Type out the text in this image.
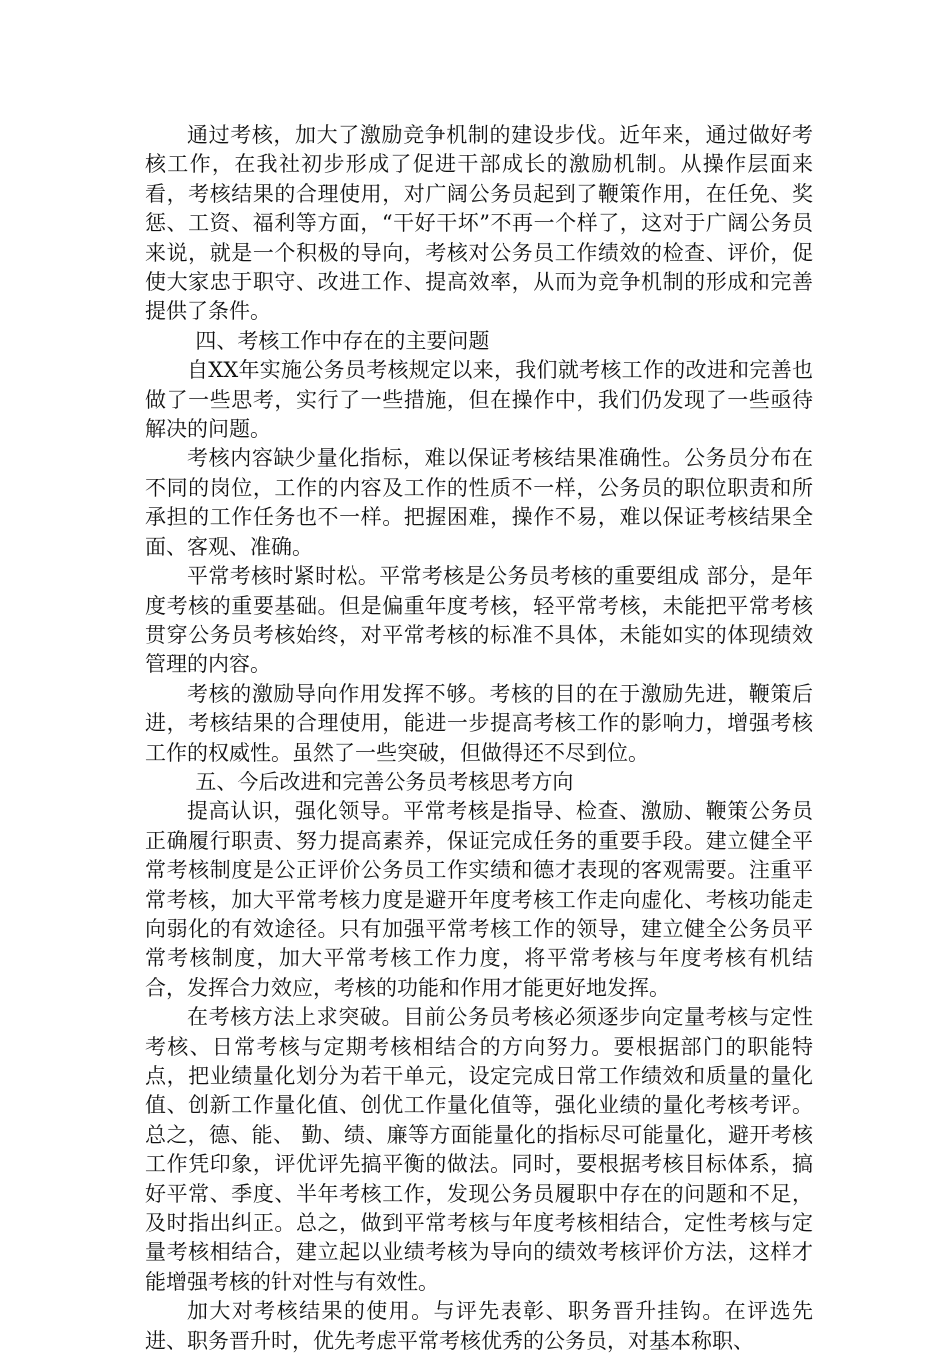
通过考核，加大了激励竞争机制的建设步伐。近年来，通过做好考核工作，在我社初步形成了促进干部成长的激励机制。从操作层面来看，考核结果的合理使用，对广阔公务员起到了鞭策作用，在任免、奖惩、工资、福利等方面，“干好干坏”不再一个样了，这对于广阔公务员来说，就是一个积极的导向，考核对公务员工作绩效的检查、评价，促使大家忠于职守、改进工作、提高效率，从而为竞争机制的形成和完善提供了条件。

四、考核工作中存在的主要问题

自XX年实施公务员考核规定以来，我们就考核工作的改进和完善也做了一些思考，实行了一些措施，但在操作中，我们仍发现了一些亟待解决的问题。

考核内容缺少量化指标，难以保证考核结果准确性。公务员分布在不同的岗位，工作的内容及工作的性质不一样，公务员的职位职责和所承担的工作任务也不一样。把握困难，操作不易，难以保证考核结果全面、客观、准确。

平常考核时紧时松。平常考核是公务员考核的重要组成 部分，是年度考核的重要基础。但是偏重年度考核，轻平常考核，未能把平常考核贯穿公务员考核始终，对平常考核的标准不具体，未能如实的体现绩效管理的内容。

考核的激励导向作用发挥不够。考核的目的在于激励先进，鞭策后进，考核结果的合理使用，能进一步提高考核工作的影响力，增强考核工作的权威性。虽然了一些突破，但做得还不尽到位。

五、今后改进和完善公务员考核思考方向

提高认识，强化领导。平常考核是指导、检查、激励、鞭策公务员正确履行职责、努力提高素养，保证完成任务的重要手段。建立健全平常考核制度是公正评价公务员工作实绩和德才表现的客观需要。注重平常考核，加大平常考核力度是避开年度考核工作走向虚化、考核功能走向弱化的有效途径。只有加强平常考核工作的领导，建立健全公务员平常考核制度，加大平常考核工作力度，将平常考核与年度考核有机结合，发挥合力效应，考核的功能和作用才能更好地发挥。

在考核方法上求突破。目前公务员考核必须逐步向定量考核与定性考核、日常考核与定期考核相结合的方向努力。要根据部门的职能特点，把业绩量化划分为若干单元，设定完成日常工作绩效和质量的量化值、创新工作量化值、创优工作量化值等，强化业绩的量化考核考评。总之，德、能、 勤、绩、廉等方面能量化的指标尽可能量化，避开考核工作凭印象，评优评先搞平衡的做法。同时，要根据考核目标体系，搞好平常、季度、半年考核工作，发现公务员履职中存在的问题和不足，及时指出纠正。总之，做到平常考核与年度考核相结合，定性考核与定量考核相结合，建立起以业绩考核为导向的绩效考核评价方法，这样才能增强考核的针对性与有效性。

加大对考核结果的使用。与评先表彰、职务晋升挂钩。在评选先进、职务晋升时，优先考虑平常考核优秀的公务员，对基本称职、
